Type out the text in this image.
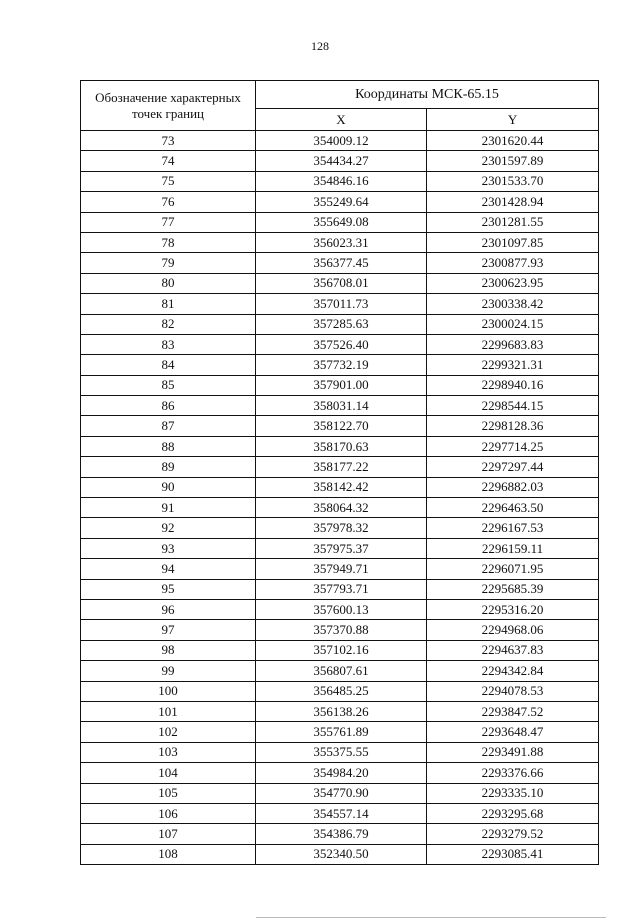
128
Обозначение характерных точек границ	Координаты МСК-65.15	
	X	Y
73	354009.12	2301620.44
74	354434.27	2301597.89
75	354846.16	2301533.70
76	355249.64	2301428.94
77	355649.08	2301281.55
78	356023.31	2301097.85
79	356377.45	2300877.93
80	356708.01	2300623.95
81	357011.73	2300338.42
82	357285.63	2300024.15
83	357526.40	2299683.83
84	357732.19	2299321.31
85	357901.00	2298940.16
86	358031.14	2298544.15
87	358122.70	2298128.36
88	358170.63	2297714.25
89	358177.22	2297297.44
90	358142.42	2296882.03
91	358064.32	2296463.50
92	357978.32	2296167.53
93	357975.37	2296159.11
94	357949.71	2296071.95
95	357793.71	2295685.39
96	357600.13	2295316.20
97	357370.88	2294968.06
98	357102.16	2294637.83
99	356807.61	2294342.84
100	356485.25	2294078.53
101	356138.26	2293847.52
102	355761.89	2293648.47
103	355375.55	2293491.88
104	354984.20	2293376.66
105	354770.90	2293335.10
106	354557.14	2293295.68
107	354386.79	2293279.52
108	352340.50	2293085.41
